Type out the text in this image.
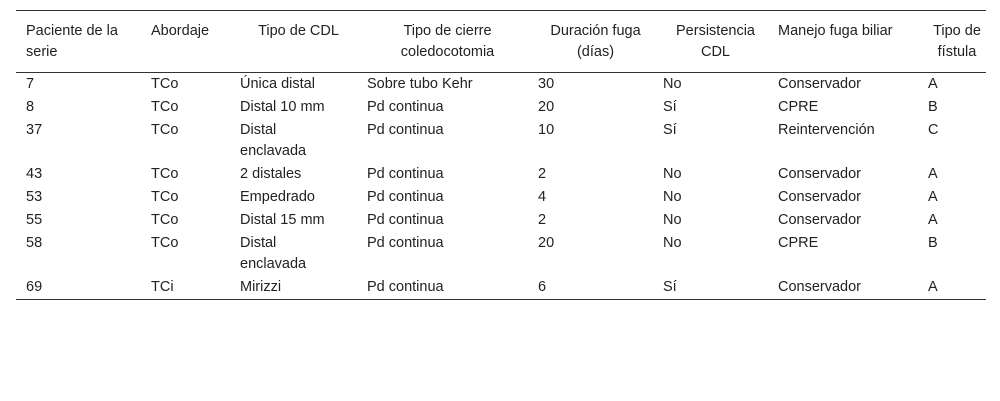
Paciente de la serie	Abordaje	Tipo de CDL	Tipo de cierre coledocotomia	Duración fuga (días)	Persistencia CDL	Manejo fuga biliar	Tipo de fístula
7	TCo	Única distal	Sobre tubo Kehr	30	No	Conservador	A
8	TCo	Distal 10 mm	Pd continua	20	Sí	CPRE	B
37	TCo	Distal enclavada	Pd continua	10	Sí	Reintervención	C
43	TCo	2 distales	Pd continua	2	No	Conservador	A
53	TCo	Empedrado	Pd continua	4	No	Conservador	A
55	TCo	Distal 15 mm	Pd continua	2	No	Conservador	A
58	TCo	Distal enclavada	Pd continua	20	No	CPRE	B
69	TCi	Mirizzi	Pd continua	6	Sí	Conservador	A
